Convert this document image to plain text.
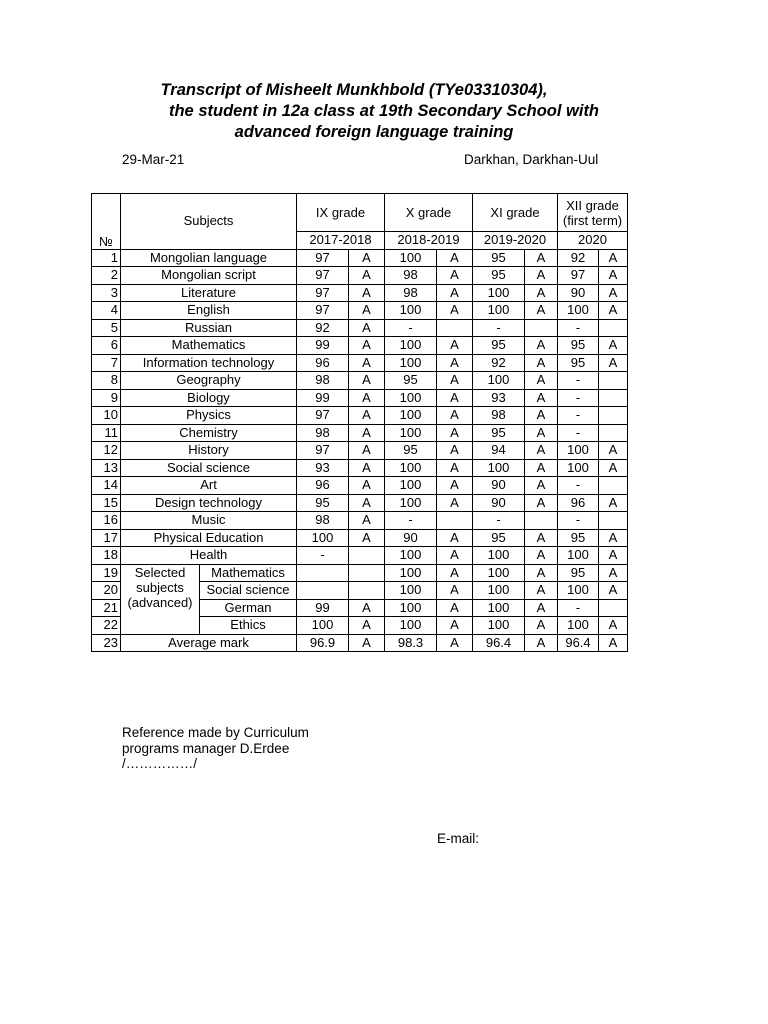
Transcript of Misheelt Munkhbold (TYe03310304),
the student in 12a class at 19th Secondary School with
advanced foreign language training
29-Mar-21	Darkhan, Darkhan-Uul
№	Subjects		IX grade		X grade		XI grade		XII grade
(first term)	

			2017-2018		2018-2019		2019-2020		2020	
1	Mongolian language		97	A	100	A	95	A	92	A
2	Mongolian script		97	A	98	A	95	A	97	A
3	Literature		97	A	98	A	100	A	90	A
4	English		97	A	100	A	100	A	100	A
5	Russian		92	A	-		-		-	
6	Mathematics		99	A	100	A	95	A	95	A
7	Information technology		96	A	100	A	92	A	95	A
8	Geography		98	A	95	A	100	A	-	
9	Biology		99	A	100	A	93	A	-	
10	Physics		97	A	100	A	98	A	-	
11	Chemistry		98	A	100	A	95	A	-	
12	History		97	A	95	A	94	A	100	A
13	Social science		93	A	100	A	100	A	100	A
14	Art		96	A	100	A	90	A	-	
15	Design technology		95	A	100	A	90	A	96	A
16	Music		98	A	-		-		-	
17	Physical Education		100	A	90	A	95	A	95	A
18	Health		-		100	A	100	A	100	A
19	Selected subjects (advanced)	Mathematics			100	A	100	A	95	A
20		Social science			100	A	100	A	100	A
21		German	99	A	100	A	100	A	-	
22		Ethics	100	A	100	A	100	A	100	A
23	Average mark		96.9	A	98.3	A	96.4	A	96.4	A
Reference made by Curriculum
programs manager D.Erdee
/……………/
E-mail:
